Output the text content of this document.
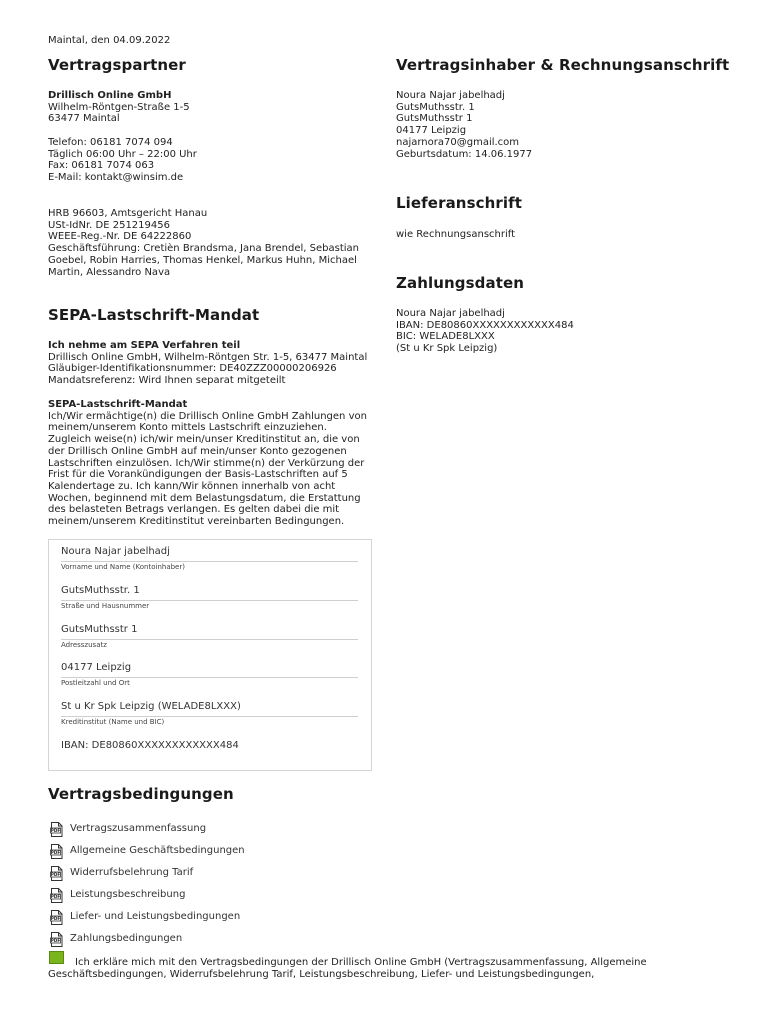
Maintal, den 04.09.2022
Vertragspartner
Drillisch Online GmbH
Wilhelm-Röntgen-Straße 1-5
63477 Maintal
Telefon: 06181 7074 094
Täglich 06:00 Uhr – 22:00 Uhr
Fax: 06181 7074 063
E-Mail: kontakt@winsim.de
HRB 96603, Amtsgericht Hanau
USt-IdNr. DE 251219456
WEEE-Reg.-Nr. DE 64222860
Geschäftsführung: Cretièn Brandsma, Jana Brendel, Sebastian
Goebel, Robin Harries, Thomas Henkel, Markus Huhn, Michael
Martin, Alessandro Nava
Vertragsinhaber & Rechnungsanschrift
Noura Najar jabelhadj
GutsMuthsstr. 1
GutsMuthsstr 1
04177 Leipzig
najarnora70@gmail.com
Geburtsdatum: 14.06.1977
Lieferanschrift
wie Rechnungsanschrift
Zahlungsdaten
Noura Najar jabelhadj
IBAN: DE80860XXXXXXXXXXXX484
BIC: WELADE8LXXX
(St u Kr Spk Leipzig)
SEPA-Lastschrift-Mandat
Ich nehme am SEPA Verfahren teil
Drillisch Online GmbH, Wilhelm-Röntgen Str. 1-5, 63477 Maintal
Gläubiger-Identifikationsnummer: DE40ZZZ00000206926
Mandatsreferenz: Wird Ihnen separat mitgeteilt
SEPA-Lastschrift-Mandat
Ich/Wir ermächtige(n) die Drillisch Online GmbH Zahlungen von
meinem/unserem Konto mittels Lastschrift einzuziehen.
Zugleich weise(n) ich/wir mein/unser Kreditinstitut an, die von
der Drillisch Online GmbH auf mein/unser Konto gezogenen
Lastschriften einzulösen. Ich/Wir stimme(n) der Verkürzung der
Frist für die Vorankündigungen der Basis-Lastschriften auf 5
Kalendertage zu. Ich kann/Wir können innerhalb von acht
Wochen, beginnend mit dem Belastungsdatum, die Erstattung
des belasteten Betrags verlangen. Es gelten dabei die mit
meinem/unserem Kreditinstitut vereinbarten Bedingungen.
Noura Najar jabelhadj
Vorname und Name (Kontoinhaber)
GutsMuthsstr. 1
Straße und Hausnummer
GutsMuthsstr 1
Adresszusatz
04177 Leipzig
Postleitzahl und Ort
St u Kr Spk Leipzig (WELADE8LXXX)
Kreditinstitut (Name und BIC)
IBAN: DE80860XXXXXXXXXXXX484
Vertragsbedingungen
PDF Vertragszusammenfassung
PDF Allgemeine Geschäftsbedingungen
PDF Widerrufsbelehrung Tarif
PDF Leistungsbeschreibung
PDF Liefer- und Leistungsbedingungen
PDF Zahlungsbedingungen
Ich erkläre mich mit den Vertragsbedingungen der Drillisch Online GmbH (Vertragszusammenfassung, Allgemeine
Geschäftsbedingungen, Widerrufsbelehrung Tarif, Leistungsbeschreibung, Liefer- und Leistungsbedingungen,
